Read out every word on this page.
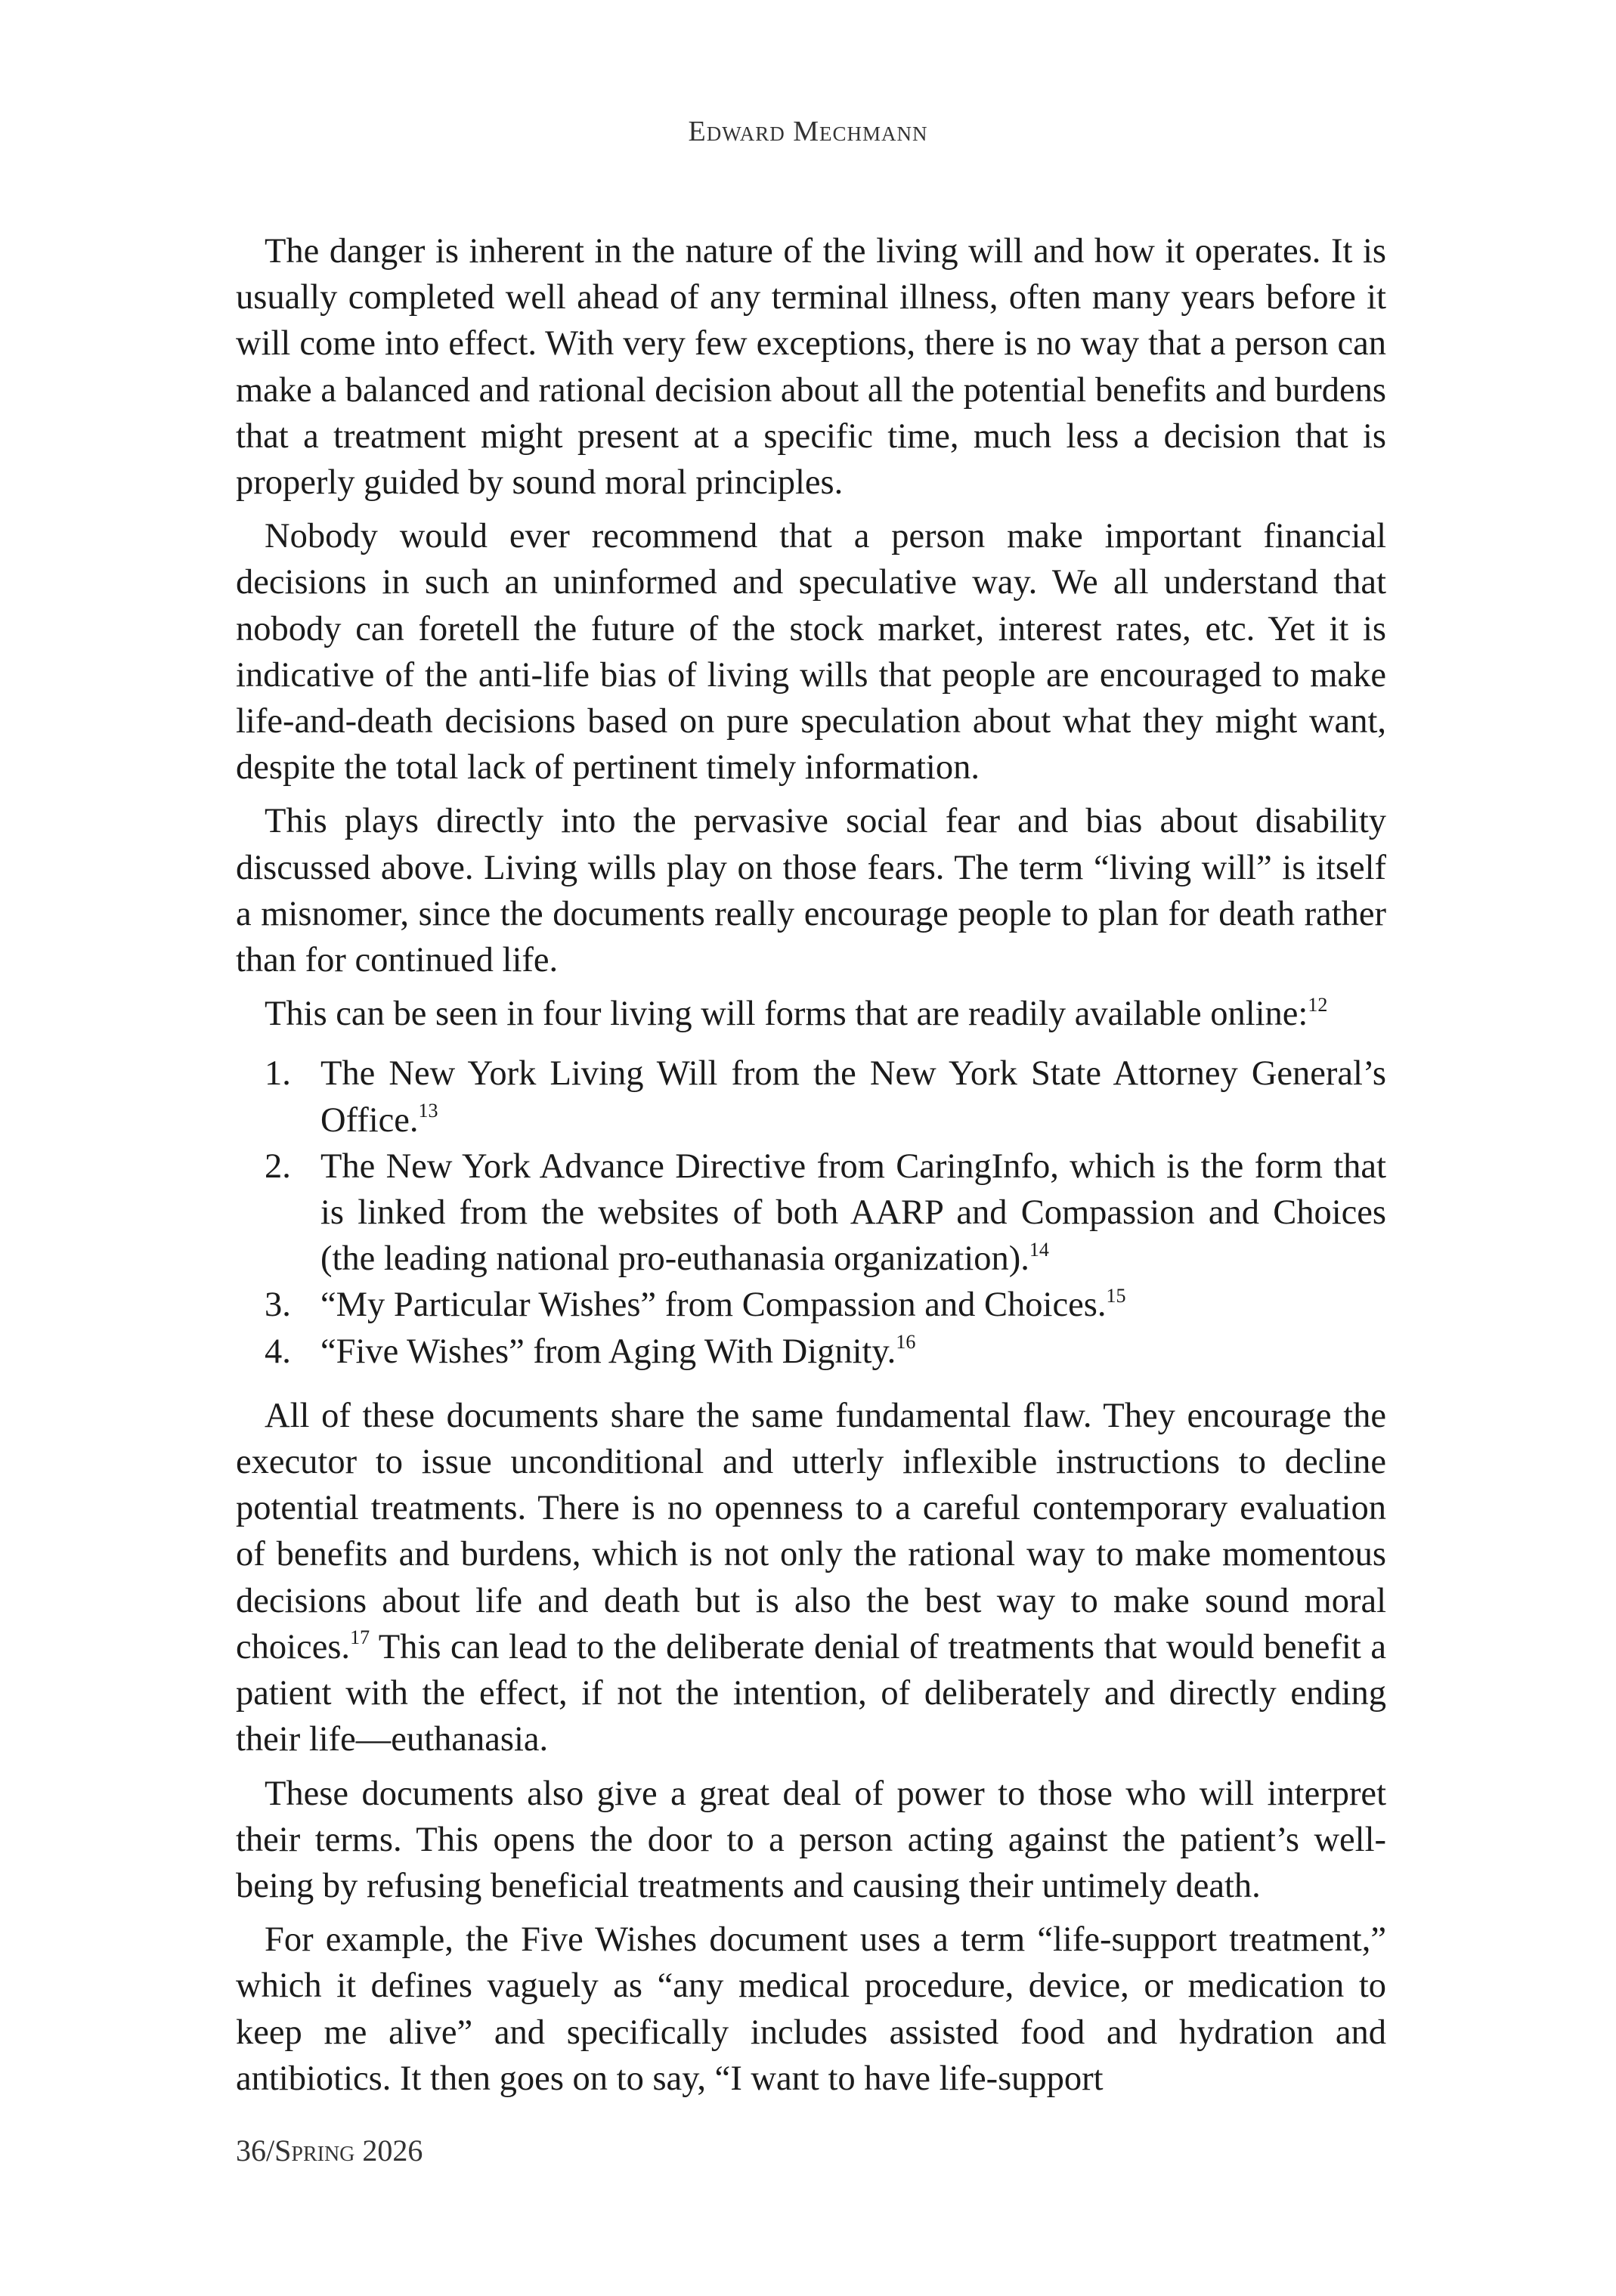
Edward Mechmann

The danger is inherent in the nature of the living will and how it operates. It is usually completed well ahead of any terminal illness, often many years before it will come into effect. With very few exceptions, there is no way that a person can make a balanced and rational decision about all the potential benefits and burdens that a treatment might present at a specific time, much less a decision that is properly guided by sound moral principles.

Nobody would ever recommend that a person make important financial decisions in such an uninformed and speculative way. We all understand that nobody can foretell the future of the stock market, interest rates, etc. Yet it is indicative of the anti-life bias of living wills that people are encouraged to make life-and-death decisions based on pure speculation about what they might want, despite the total lack of pertinent timely information.

This plays directly into the pervasive social fear and bias about disability discussed above. Living wills play on those fears. The term “living will” is itself a misnomer, since the documents really encourage people to plan for death rather than for continued life.

This can be seen in four living will forms that are readily available online:$^{12}$

1. The New York Living Will from the New York State Attorney General’s Office.$^{13}$
2. The New York Advance Directive from CaringInfo, which is the form that is linked from the websites of both AARP and Compassion and Choices (the leading national pro-euthanasia organization).$^{14}$
3. “My Particular Wishes” from Compassion and Choices.$^{15}$
4. “Five Wishes” from Aging With Dignity.$^{16}$

All of these documents share the same fundamental flaw. They encourage the executor to issue unconditional and utterly inflexible instructions to decline potential treatments. There is no openness to a careful contemporary evaluation of benefits and burdens, which is not only the rational way to make momentous decisions about life and death but is also the best way to make sound moral choices.$^{17}$ This can lead to the deliberate denial of treatments that would benefit a patient with the effect, if not the intention, of deliberately and directly ending their life—euthanasia.

These documents also give a great deal of power to those who will interpret their terms. This opens the door to a person acting against the patient’s well-being by refusing beneficial treatments and causing their untimely death.

For example, the Five Wishes document uses a term “life-support treatment,” which it defines vaguely as “any medical procedure, device, or medication to keep me alive” and specifically includes assisted food and hydration and antibiotics. It then goes on to say, “I want to have life-support

36/Spring 2026
